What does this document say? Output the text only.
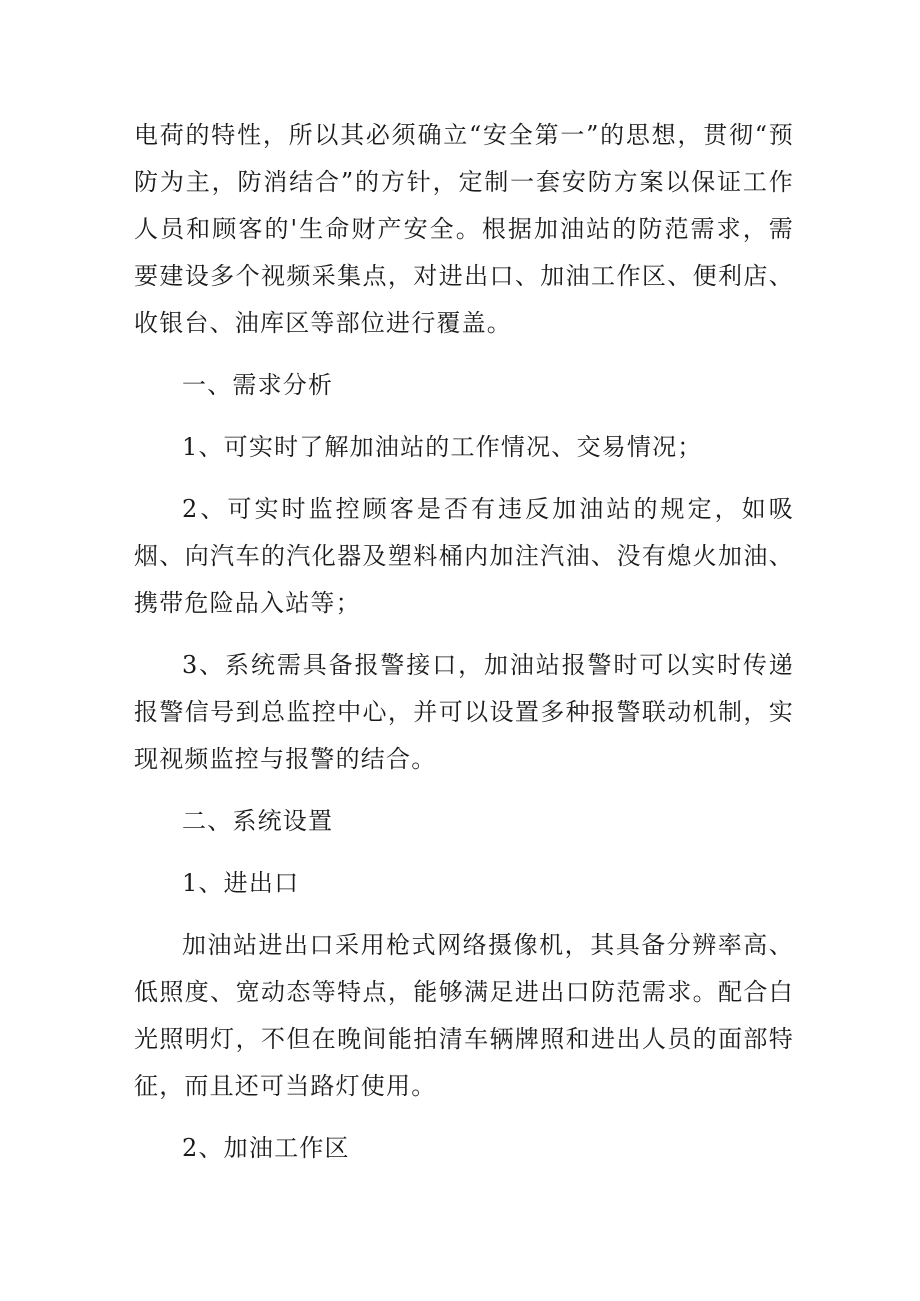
电荷的特性，所以其必须确立“安全第一”的思想，贯彻“预防为主，防消结合”的方针，定制一套安防方案以保证工作人员和顾客的'生命财产安全。根据加油站的防范需求，需要建设多个视频采集点，对进出口、加油工作区、便利店、收银台、油库区等部位进行覆盖。

一、需求分析

1、可实时了解加油站的工作情况、交易情况；

2、可实时监控顾客是否有违反加油站的规定，如吸烟、向汽车的汽化器及塑料桶内加注汽油、没有熄火加油、携带危险品入站等；

3、系统需具备报警接口，加油站报警时可以实时传递报警信号到总监控中心，并可以设置多种报警联动机制，实现视频监控与报警的结合。

二、系统设置

1、进出口

加油站进出口采用枪式网络摄像机，其具备分辨率高、低照度、宽动态等特点，能够满足进出口防范需求。配合白光照明灯，不但在晚间能拍清车辆牌照和进出人员的面部特征，而且还可当路灯使用。

2、加油工作区
